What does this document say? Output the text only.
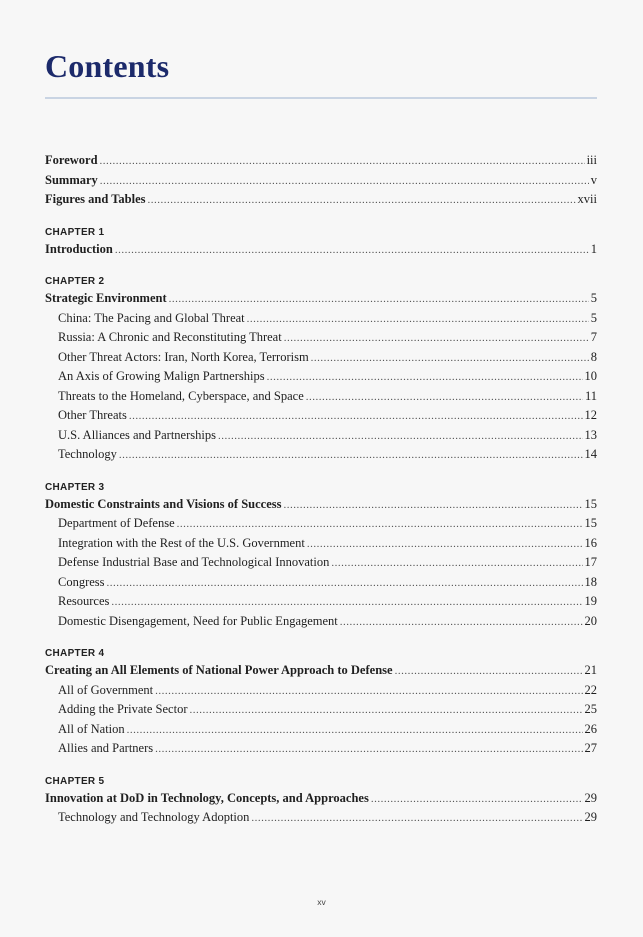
Contents
Foreword .....	iii
Summary .....	v
Figures and Tables .....	xvii
CHAPTER 1
Introduction .....	1
CHAPTER 2
Strategic Environment .....	5
China: The Pacing and Global Threat .....	5
Russia: A Chronic and Reconstituting Threat .....	7
Other Threat Actors: Iran, North Korea, Terrorism .....	8
An Axis of Growing Malign Partnerships .....	10
Threats to the Homeland, Cyberspace, and Space .....	11
Other Threats .....	12
U.S. Alliances and Partnerships .....	13
Technology .....	14
CHAPTER 3
Domestic Constraints and Visions of Success .....	15
Department of Defense .....	15
Integration with the Rest of the U.S. Government .....	16
Defense Industrial Base and Technological Innovation .....	17
Congress .....	18
Resources .....	19
Domestic Disengagement, Need for Public Engagement .....	20
CHAPTER 4
Creating an All Elements of National Power Approach to Defense .....	21
All of Government .....	22
Adding the Private Sector .....	25
All of Nation .....	26
Allies and Partners .....	27
CHAPTER 5
Innovation at DoD in Technology, Concepts, and Approaches .....	29
Technology and Technology Adoption .....	29
xv
